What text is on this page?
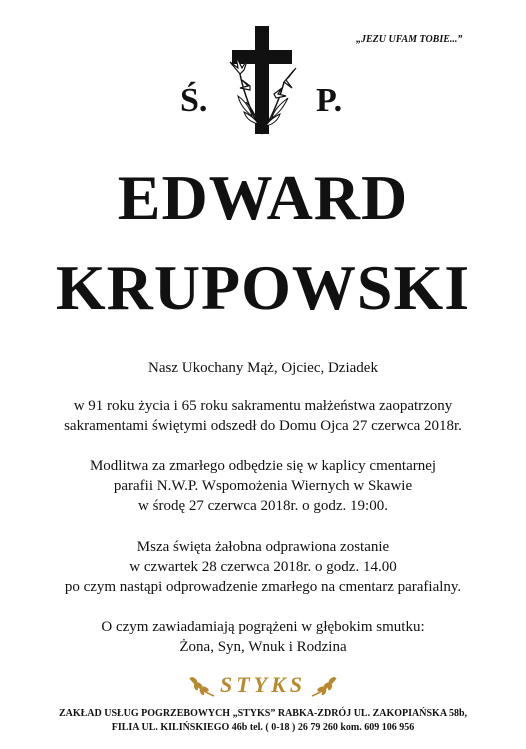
„JEZU UFAM TOBIE...”
Ś.	P.
EDWARD
KRUPOWSKI
Nasz Ukochany Mąż, Ojciec, Dziadek
w 91 roku życia i 65 roku sakramentu małżeństwa zaopatrzony
sakramentami świętymi odszedł do Domu Ojca 27 czerwca 2018r.
Modlitwa za zmarłego odbędzie się w kaplicy cmentarnej
parafii N.W.P. Wspomożenia Wiernych w Skawie
w środę 27 czerwca 2018r. o godz. 19:00.
Msza święta żałobna odprawiona zostanie
w czwartek 28 czerwca 2018r. o godz. 14.00
po czym nastąpi odprowadzenie zmarłego na cmentarz parafialny.
O czym zawiadamiają pogrążeni w głębokim smutku:
Żona, Syn, Wnuk i Rodzina
STYKS
ZAKŁAD USŁUG POGRZEBOWYCH „STYKS” RABKA-ZDRÓJ UL. ZAKOPIAŃSKA 58b,
FILIA UL. KILIŃSKIEGO 46b tel. ( 0-18 ) 26 79 260 kom. 609 106 956
